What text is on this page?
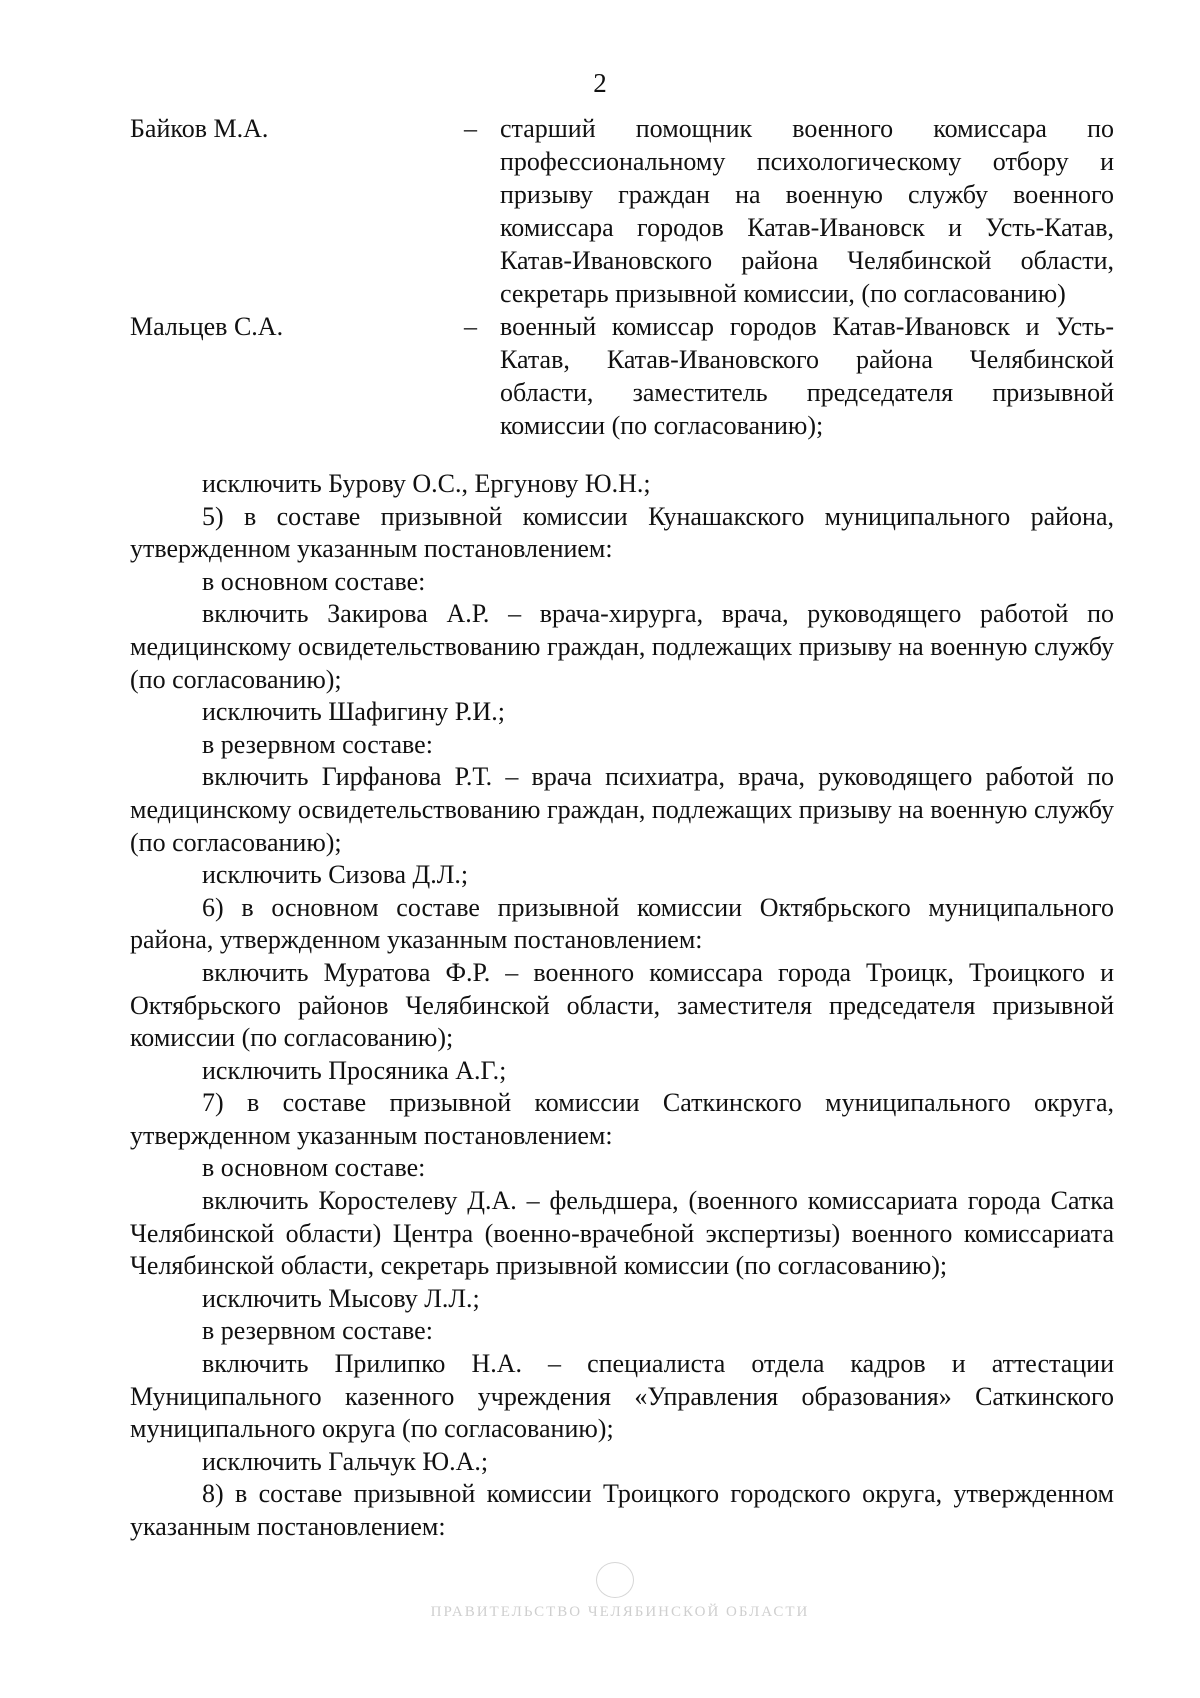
2
Байков М.А.	– старший помощник военного комиссара по профессиональному психологическому отбору и призыву граждан на военную службу военного комиссара городов Катав-Ивановск и Усть-Катав, Катав-Ивановского района Челябинской области, секретарь призывной комиссии, (по согласованию)
Мальцев С.А.	– военный комиссар городов Катав-Ивановск и Усть-Катав, Катав-Ивановского района Челябинской области, заместитель председателя призывной комиссии (по согласованию);

исключить Бурову О.С., Ергунову Ю.Н.;

5) в составе призывной комиссии Кунашакского муниципального района, утвержденном указанным постановлением:

в основном составе:

включить Закирова А.Р. – врача-хирурга, врача, руководящего работой по медицинскому освидетельствованию граждан, подлежащих призыву на военную службу (по согласованию);

исключить Шафигину Р.И.;

в резервном составе:

включить Гирфанова Р.Т. – врача психиатра, врача, руководящего работой по медицинскому освидетельствованию граждан, подлежащих призыву на военную службу (по согласованию);

исключить Сизова Д.Л.;

6) в основном составе призывной комиссии Октябрьского муниципального района, утвержденном указанным постановлением:

включить Муратова Ф.Р. – военного комиссара города Троицк, Троицкого и Октябрьского районов Челябинской области, заместителя председателя призывной комиссии (по согласованию);

исключить Просяника А.Г.;

7) в составе призывной комиссии Саткинского муниципального округа, утвержденном указанным постановлением:

в основном составе:

включить Коростелеву Д.А. – фельдшера, (военного комиссариата города Сатка Челябинской области) Центра (военно-врачебной экспертизы) военного комиссариата Челябинской области, секретарь призывной комиссии (по согласованию);

исключить Мысову Л.Л.;

в резервном составе:

включить Прилипко Н.А. – специалиста отдела кадров и аттестации Муниципального казенного учреждения «Управления образования» Саткинского муниципального округа (по согласованию);

исключить Гальчук Ю.А.;

8) в составе призывной комиссии Троицкого городского округа, утвержденном указанным постановлением:

ПРАВИТЕЛЬСТВО ЧЕЛЯБИНСКОЙ ОБЛАСТИ
